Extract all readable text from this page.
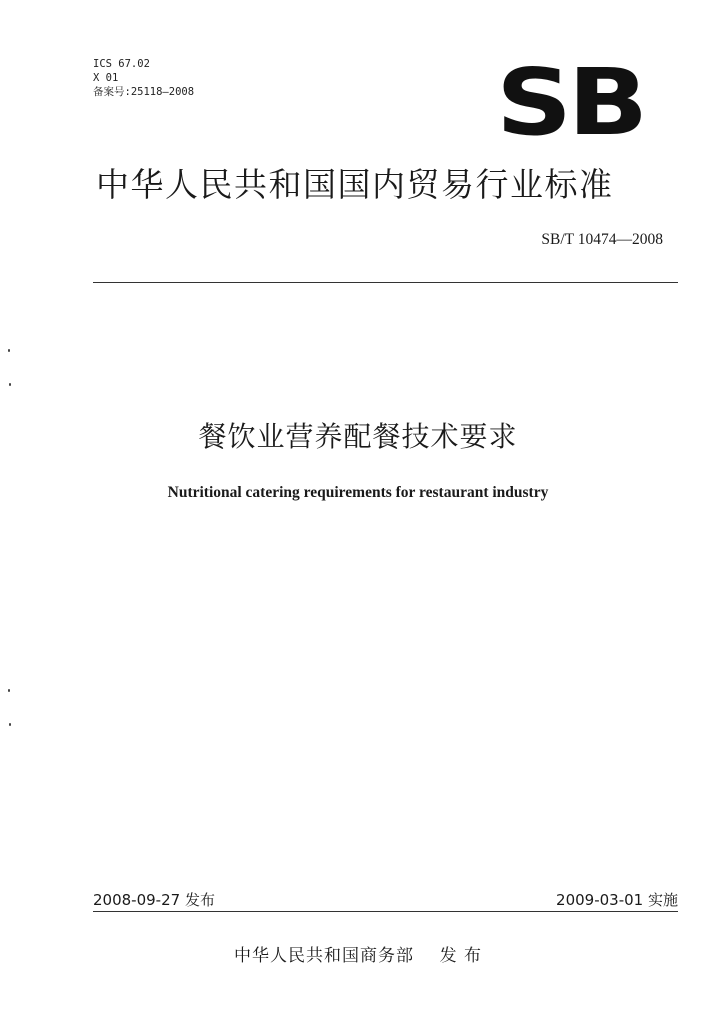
ICS 67.02
X 01
备案号:25118—2008	SB
中华人民共和国国内贸易行业标准
SB/T 10474—2008
餐饮业营养配餐技术要求
Nutritional catering requirements for restaurant industry
2008-09-27 发布	2009-03-01 实施
中华人民共和国商务部    发 布
